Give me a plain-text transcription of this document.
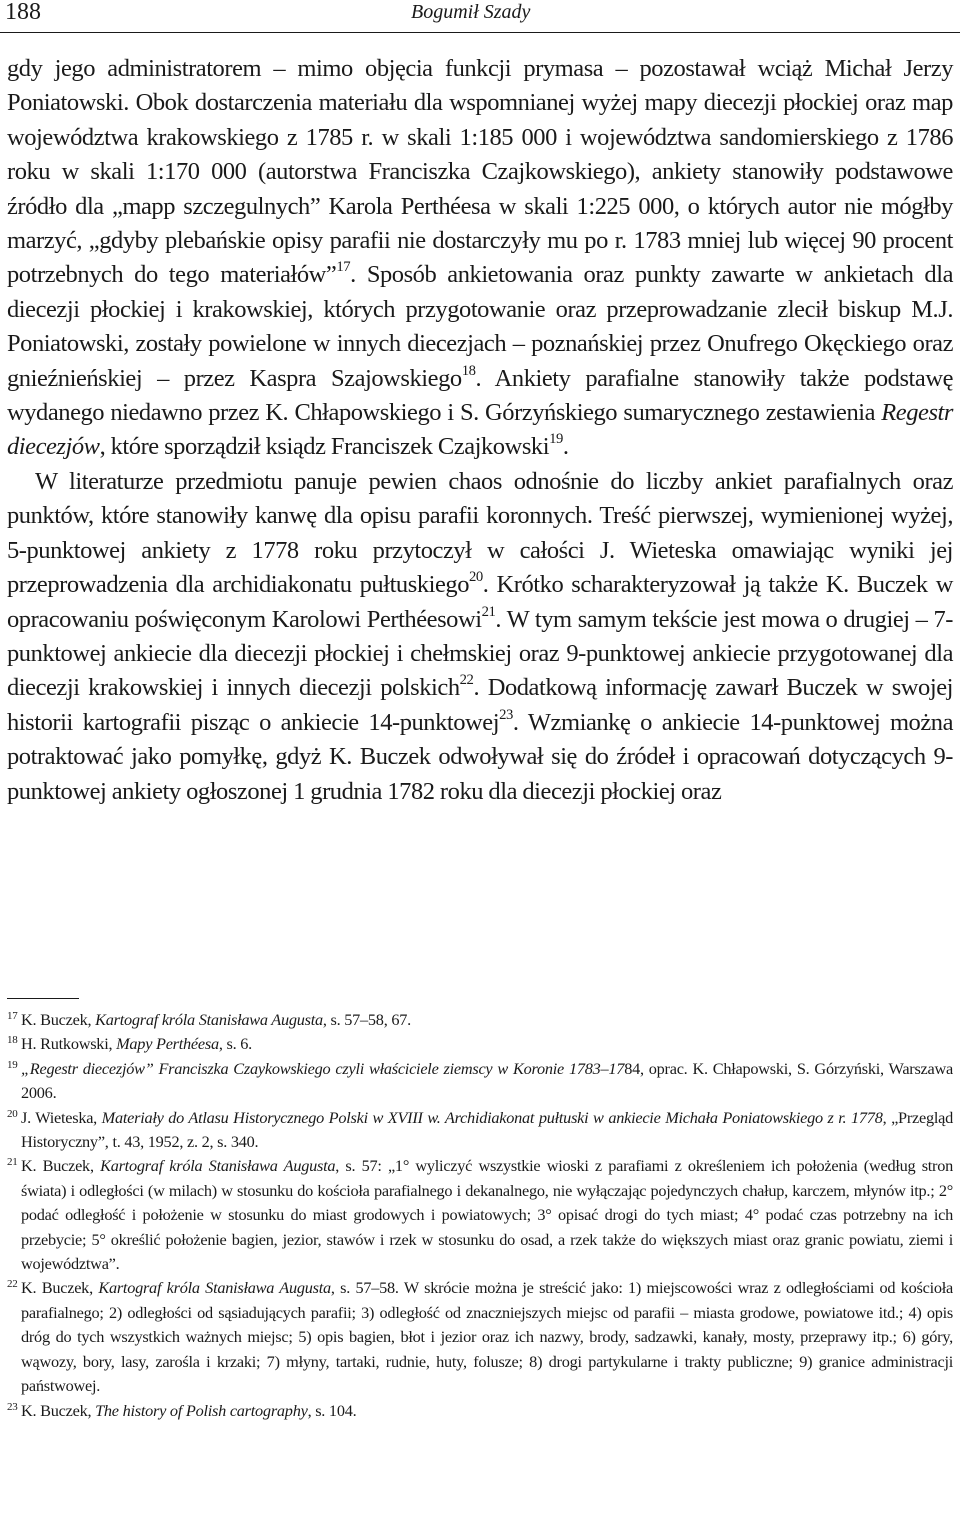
188	Bogumił Szady

gdy jego administratorem – mimo objęcia funkcji prymasa – pozostawał wciąż Michał Jerzy Poniatowski. Obok dostarczenia materiału dla wspomnianej wyżej mapy diecezji płockiej oraz map województwa krakowskiego z 1785 r. w skali 1:185 000 i województwa sandomierskiego z 1786 roku w skali 1:170 000 (autorstwa Franciszka Czajkowskiego), ankiety stanowiły podstawowe źródło dla „mapp szczegulnych” Karola Perthéesa w skali 1:225 000, o których autor nie mógłby marzyć, „gdyby plebańskie opisy parafii nie dostarczyły mu po r. 1783 mniej lub więcej 90 procent potrzebnych do tego materiałów”$^{17}$. Sposób ankietowania oraz punkty zawarte w ankietach dla diecezji płockiej i krakowskiej, których przygotowanie oraz przeprowadzanie zlecił biskup M.J. Poniatowski, zostały powielone w innych diecezjach – poznańskiej przez Onufrego Okęckiego oraz gnieźnieńskiej – przez Kaspra Szajowskiego$^{18}$. Ankiety parafialne stanowiły także podstawę wydanego niedawno przez K. Chłapowskiego i S. Górzyńskiego sumarycznego zestawienia Regestr diecezjów, które sporządził ksiądz Franciszek Czajkowski$^{19}$.

W literaturze przedmiotu panuje pewien chaos odnośnie do liczby ankiet parafialnych oraz punktów, które stanowiły kanwę dla opisu parafii koronnych. Treść pierwszej, wymienionej wyżej, 5-punktowej ankiety z 1778 roku przytoczył w całości J. Wieteska omawiając wyniki jej przeprowadzenia dla archidiakonatu pułtuskiego$^{20}$. Krótko scharakteryzował ją także K. Buczek w opracowaniu poświęconym Karolowi Perthéesowi$^{21}$. W tym samym tekście jest mowa o drugiej – 7-punktowej ankiecie dla diecezji płockiej i chełmskiej oraz 9-punktowej ankiecie przygotowanej dla diecezji krakowskiej i innych diecezji polskich$^{22}$. Dodatkową informację zawarł Buczek w swojej historii kartografii pisząc o ankiecie 14-punktowej$^{23}$. Wzmiankę o ankiecie 14-punktowej można potraktować jako pomyłkę, gdyż K. Buczek odwoływał się do źródeł i opracowań dotyczących 9-punktowej ankiety ogłoszonej 1 grudnia 1782 roku dla diecezji płockiej oraz

17 K. Buczek, Kartograf króla Stanisława Augusta, s. 57–58, 67.

18 H. Rutkowski, Mapy Perthéesa, s. 6.

19 „Regestr diecezjów” Franciszka Czaykowskiego czyli właściciele ziemscy w Koronie 1783–1784, oprac. K. Chłapowski, S. Górzyński, Warszawa 2006.

20 J. Wieteska, Materiały do Atlasu Historycznego Polski w XVIII w. Archidiakonat pułtuski w ankiecie Michała Poniatowskiego z r. 1778, „Przegląd Historyczny”, t. 43, 1952, z. 2, s. 340.

21 K. Buczek, Kartograf króla Stanisława Augusta, s. 57: „1° wyliczyć wszystkie wioski z parafiami z określeniem ich położenia (według stron świata) i odległości (w milach) w stosunku do kościoła parafialnego i dekanalnego, nie wyłączając pojedynczych chałup, karczem, młynów itp.; 2° podać odległość i położenie w stosunku do miast grodowych i powiatowych; 3° opisać drogi do tych miast; 4° podać czas potrzebny na ich przebycie; 5° określić położenie bagien, jezior, stawów i rzek w stosunku do osad, a rzek także do większych miast oraz granic powiatu, ziemi i województwa”.

22 K. Buczek, Kartograf króla Stanisława Augusta, s. 57–58. W skrócie można je streścić jako: 1) miejscowości wraz z odległościami od kościoła parafialnego; 2) odległości od sąsiadujących parafii; 3) odległość od znaczniejszych miejsc od parafii – miasta grodowe, powiatowe itd.; 4) opis dróg do tych wszystkich ważnych miejsc; 5) opis bagien, błot i jezior oraz ich nazwy, brody, sadzawki, kanały, mosty, przeprawy itp.; 6) góry, wąwozy, bory, lasy, zarośla i krzaki; 7) młyny, tartaki, rudnie, huty, folusze; 8) drogi partykularne i trakty publiczne; 9) granice administracji państwowej.

23 K. Buczek, The history of Polish cartography, s. 104.
